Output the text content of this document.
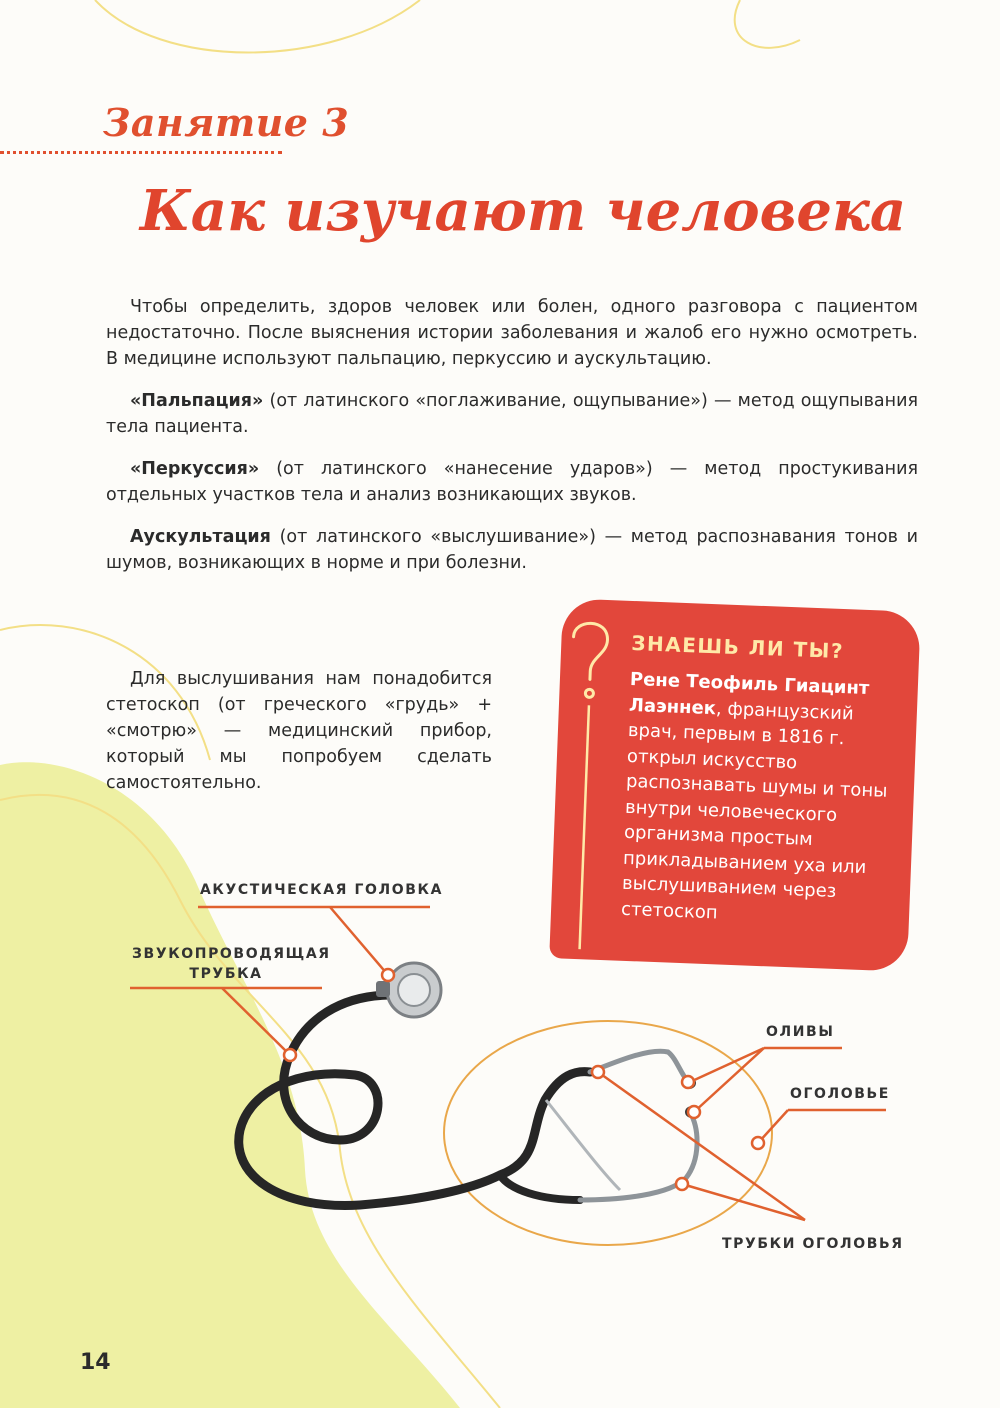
Занятие 3
Как изучают человека

Чтобы определить, здоров человек или болен, одного разговора с пациентом недостаточно. После выяснения истории заболевания и жалоб его нужно осмотреть. В медицине используют пальпацию, перкуссию и аускультацию.

«Пальпация» (от латинского «поглаживание, ощупывание») — метод ощупывания тела пациента.

«Перкуссия» (от латинского «нанесение ударов») — метод простукивания отдельных участков тела и анализ возникающих звуков.

Аускультация (от латинского «выслушивание») — метод распознавания тонов и шумов, возникающих в норме и при болезни.

Для выслушивания нам понадобится стетоскоп (от греческого «грудь» + «смотрю» — медицинский прибор, который мы попробуем сделать самостоятельно.

ЗНАЕШЬ ЛИ ТЫ?

Рене Теофиль Гиацинт Лаэннек, французский врач, первым в 1816 г. открыл искусство распознавать шумы и тоны внутри человеческого организма простым прикладыванием уха или выслушиванием через стетоскоп

АКУСТИЧЕСКАЯ ГОЛОВКА

ЗВУКОПРОВОДЯЩАЯ ТРУБКА

ОЛИВЫ

ОГОЛОВЬЕ

ТРУБКИ ОГОЛОВЬЯ

14
